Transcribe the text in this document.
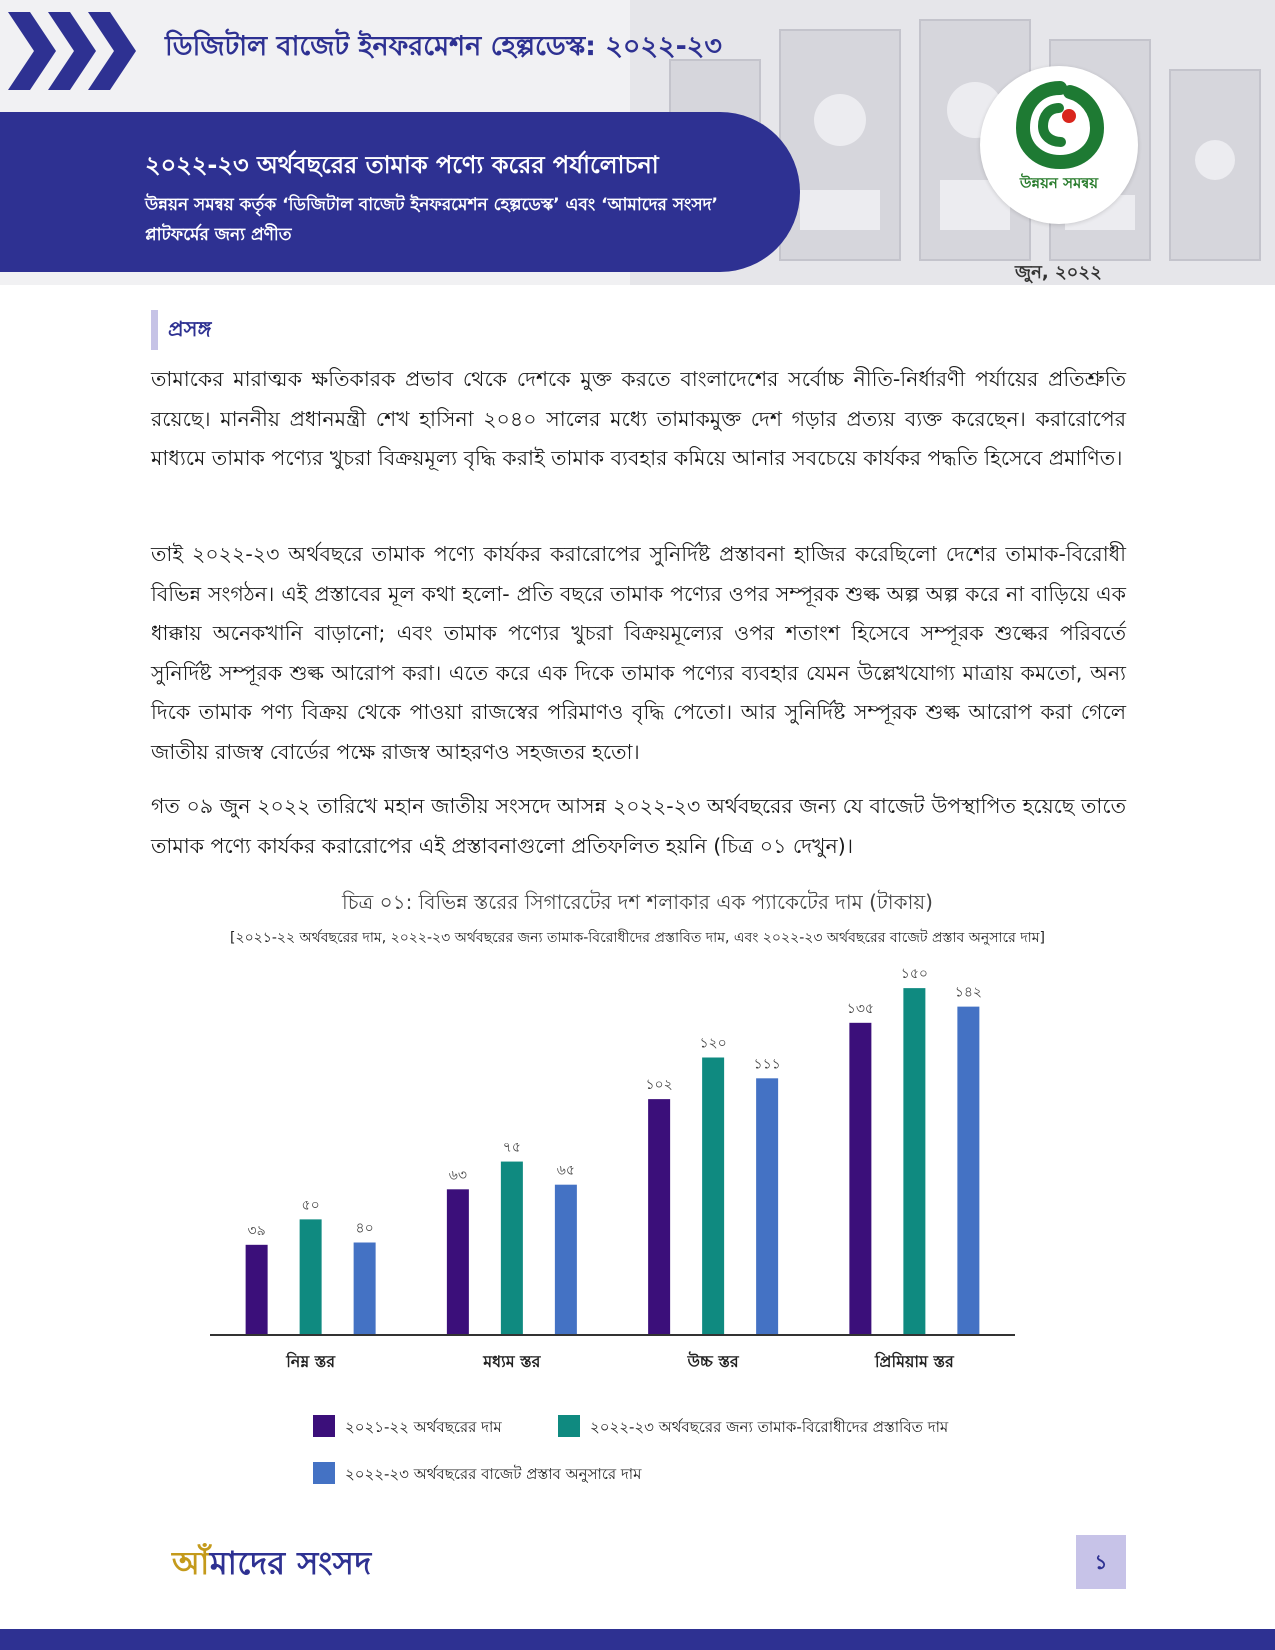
ডিজিটাল বাজেট ইনফরমেশন হেল্পডেস্ক: ২০২২-২৩
২০২২-২৩ অর্থবছরের তামাক পণ্যে করের পর্যালোচনা
উন্নয়ন সমন্বয় কর্তৃক ‘ডিজিটাল বাজেট ইনফরমেশন হেল্পডেস্ক’ এবং ‘আমাদের সংসদ’ প্লাটফর্মের জন্য প্রণীত
উন্নয়ন সমন্বয়
জুন, ২০২২
প্রসঙ্গ
তামাকের মারাত্মক ক্ষতিকারক প্রভাব থেকে দেশকে মুক্ত করতে বাংলাদেশের সর্বোচ্চ নীতি-নির্ধারণী পর্যায়ের প্রতিশ্রুতি রয়েছে। মাননীয় প্রধানমন্ত্রী শেখ হাসিনা ২০৪০ সালের মধ্যে তামাকমুক্ত দেশ গড়ার প্রত্যয় ব্যক্ত করেছেন। করারোপের মাধ্যমে তামাক পণ্যের খুচরা বিক্রয়মূল্য বৃদ্ধি করাই তামাক ব্যবহার কমিয়ে আনার সবচেয়ে কার্যকর পদ্ধতি হিসেবে প্রমাণিত।
তাই ২০২২-২৩ অর্থবছরে তামাক পণ্যে কার্যকর করারোপের সুনির্দিষ্ট প্রস্তাবনা হাজির করেছিলো দেশের তামাক-বিরোধী বিভিন্ন সংগঠন। এই প্রস্তাবের মূল কথা হলো- প্রতি বছরে তামাক পণ্যের ওপর সম্পূরক শুল্ক অল্প অল্প করে না বাড়িয়ে এক ধাক্কায় অনেকখানি বাড়ানো; এবং তামাক পণ্যের খুচরা বিক্রয়মূল্যের ওপর শতাংশ হিসেবে সম্পূরক শুল্কের পরিবর্তে সুনির্দিষ্ট সম্পূরক শুল্ক আরোপ করা। এতে করে এক দিকে তামাক পণ্যের ব্যবহার যেমন উল্লেখযোগ্য মাত্রায় কমতো, অন্য দিকে তামাক পণ্য বিক্রয় থেকে পাওয়া রাজস্বের পরিমাণও বৃদ্ধি পেতো। আর সুনির্দিষ্ট সম্পূরক শুল্ক আরোপ করা গেলে জাতীয় রাজস্ব বোর্ডের পক্ষে রাজস্ব আহরণও সহজতর হতো।
গত ০৯ জুন ২০২২ তারিখে মহান জাতীয় সংসদে আসন্ন ২০২২-২৩ অর্থবছরের জন্য যে বাজেট উপস্থাপিত হয়েছে তাতে তামাক পণ্যে কার্যকর করারোপের এই প্রস্তাবনাগুলো প্রতিফলিত হয়নি (চিত্র ০১ দেখুন)।
চিত্র ০১: বিভিন্ন স্তরের সিগারেটের দশ শলাকার এক প্যাকেটের দাম (টাকায়)
[২০২১-২২ অর্থবছরের দাম, ২০২২-২৩ অর্থবছরের জন্য তামাক-বিরোধীদের প্রস্তাবিত দাম, এবং ২০২২-২৩ অর্থবছরের বাজেট প্রস্তাব অনুসারে দাম]
৩৯
৫০
৪০
নিম্ন স্তর
৬৩
৭৫
৬৫
মধ্যম স্তর
১০২
১২০
১১১
উচ্চ স্তর
১৩৫
১৫০
১৪২
প্রিমিয়াম স্তর
২০২১-২২ অর্থবছরের দাম	২০২২-২৩ অর্থবছরের জন্য তামাক-বিরোধীদের প্রস্তাবিত দাম
২০২২-২৩ অর্থবছরের বাজেট প্রস্তাব অনুসারে দাম
আঁমাদের সংসদ	১
